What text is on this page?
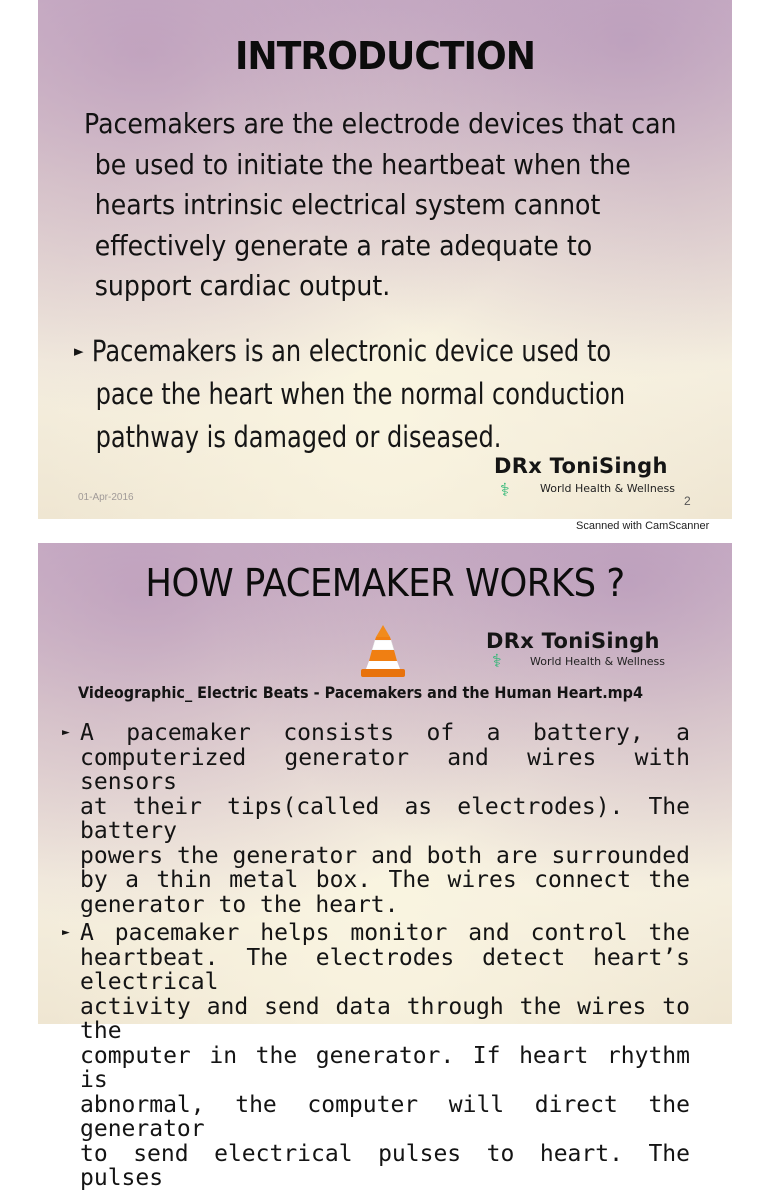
INTRODUCTION
Pacemakers are the electrode devices that can
be used to initiate the heartbeat when the
hearts intrinsic electrical system cannot
effectively generate a rate adequate to
support cardiac output.
► Pacemakers is an electronic device used to
pace the heart when the normal conduction
pathway is damaged or diseased.
DRx ToniSingh
⚕	World Health & Wellness
01-Apr-2016	2
Scanned with CamScanner
HOW PACEMAKER WORKS ?
DRx ToniSingh
⚕	World Health & Wellness
Videographic_ Electric Beats - Pacemakers and the Human Heart.mp4
► A pacemaker consists of a battery, a
computerized generator and wires with sensors
at their tips(called as electrodes). The battery
powers the generator and both are surrounded
by a thin metal box. The wires connect the
generator to the heart.
► A pacemaker helps monitor and control the
heartbeat. The electrodes detect heart’s electrical
activity and send data through the wires to the
computer in the generator. If heart rhythm is
abnormal, the computer will direct the generator
to send electrical pulses to heart. The pulses
